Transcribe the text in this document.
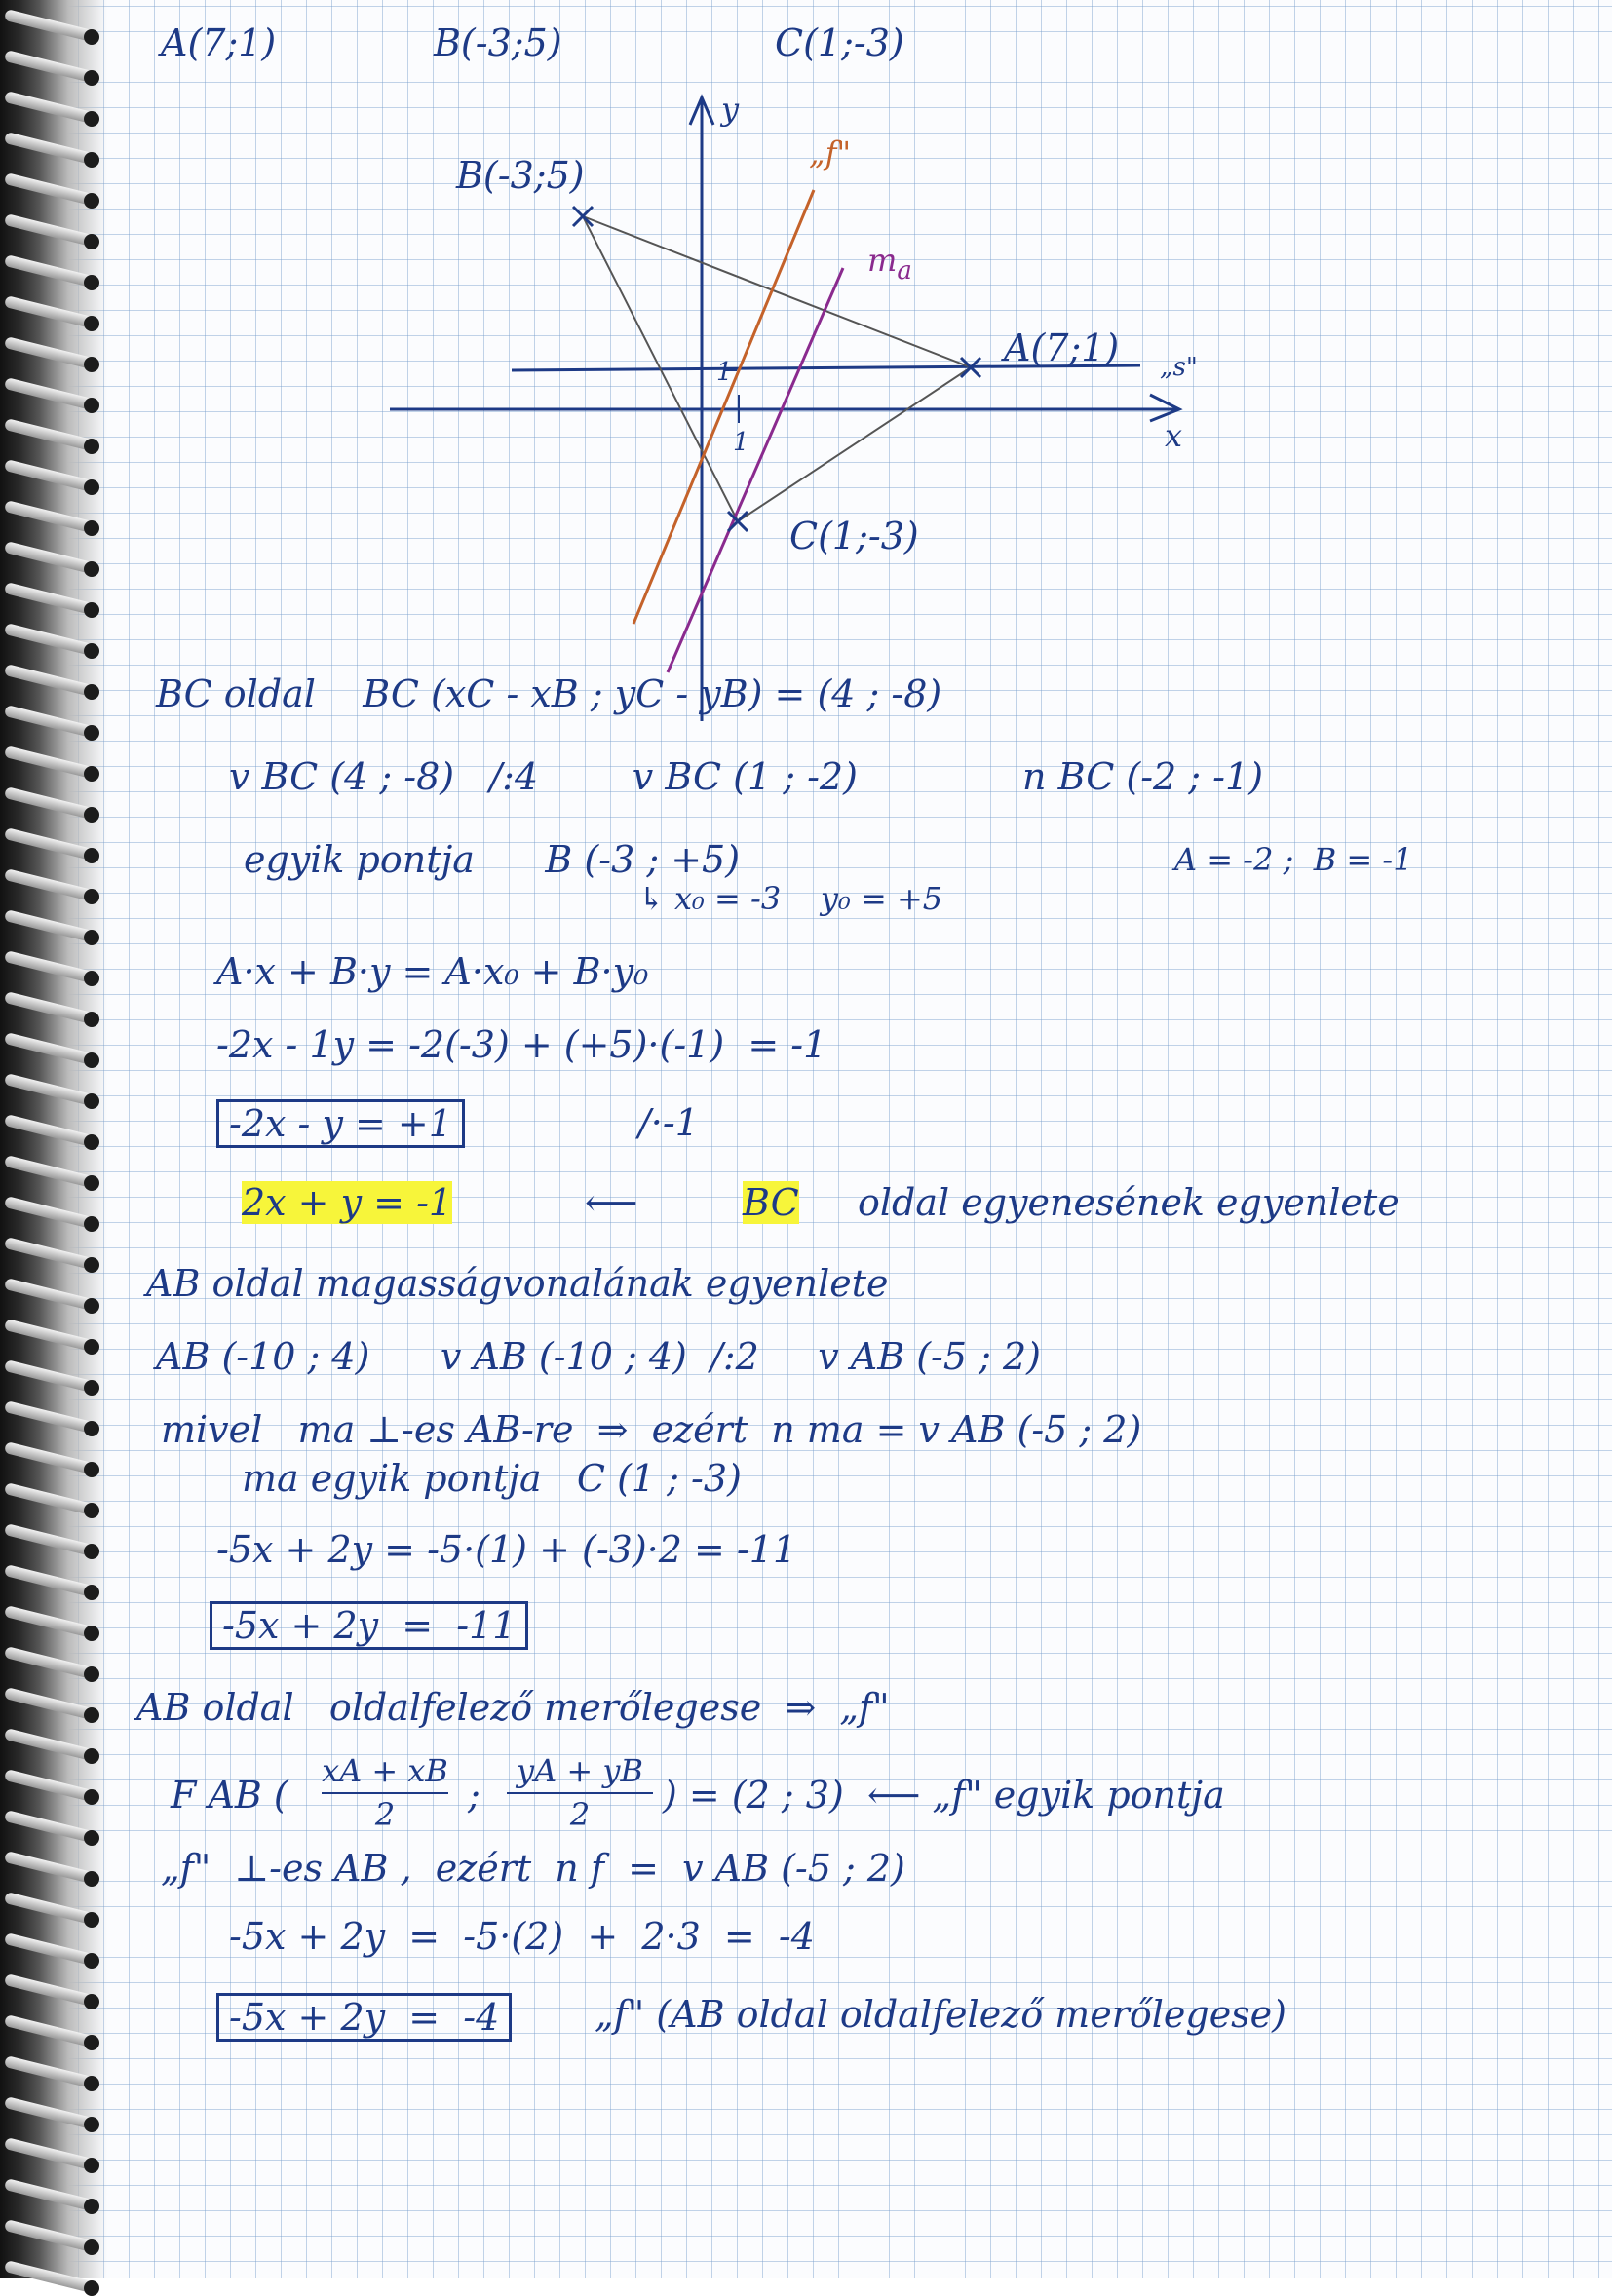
A(7;1)	B(-3;5)	C(1;-3)
y
x
B(-3;5)
A(7;1)
C(1;-3)
„f"
$m_a$
„s"
1
1
BC oldal    BC (xC - xB ; yC - yB) = (4 ; -8)
v BC (4 ; -8)   /:4        v BC (1 ; -2)              n BC (-2 ; -1)
egyik pontja      B (-3 ; +5)
↳ x₀ = -3    y₀ = +5
A = -2 ;  B = -1
A·x + B·y = A·x₀ + B·y₀
-2x - 1y = -2(-3) + (+5)·(-1)  = -1
-2x - y = +1	/·-1
2x + y = -1	⟵	BC oldal egyenesének egyenlete
AB oldal magasságvonalának egyenlete
AB (-10 ; 4)      v AB (-10 ; 4)  /:2     v AB (-5 ; 2)
mivel   ma ⊥-es AB-re  ⇒  ezért  n ma = v AB (-5 ; 2)
ma egyik pontja   C (1 ; -3)
-5x + 2y = -5·(1) + (-3)·2 = -11
-5x + 2y  =  -11
AB oldal   oldalfelező merőlegese  ⇒  „f"
F AB (
xA + xB
2	;
yA + yB
2	) = (2 ; 3)  ⟵ „f" egyik pontja
„f"  ⊥-es AB ,  ezért  n f  =  v AB (-5 ; 2)
-5x + 2y  =  -5·(2)  +  2·3  =  -4
-5x + 2y  =  -4	„f" (AB oldal oldalfelező merőlegese)
